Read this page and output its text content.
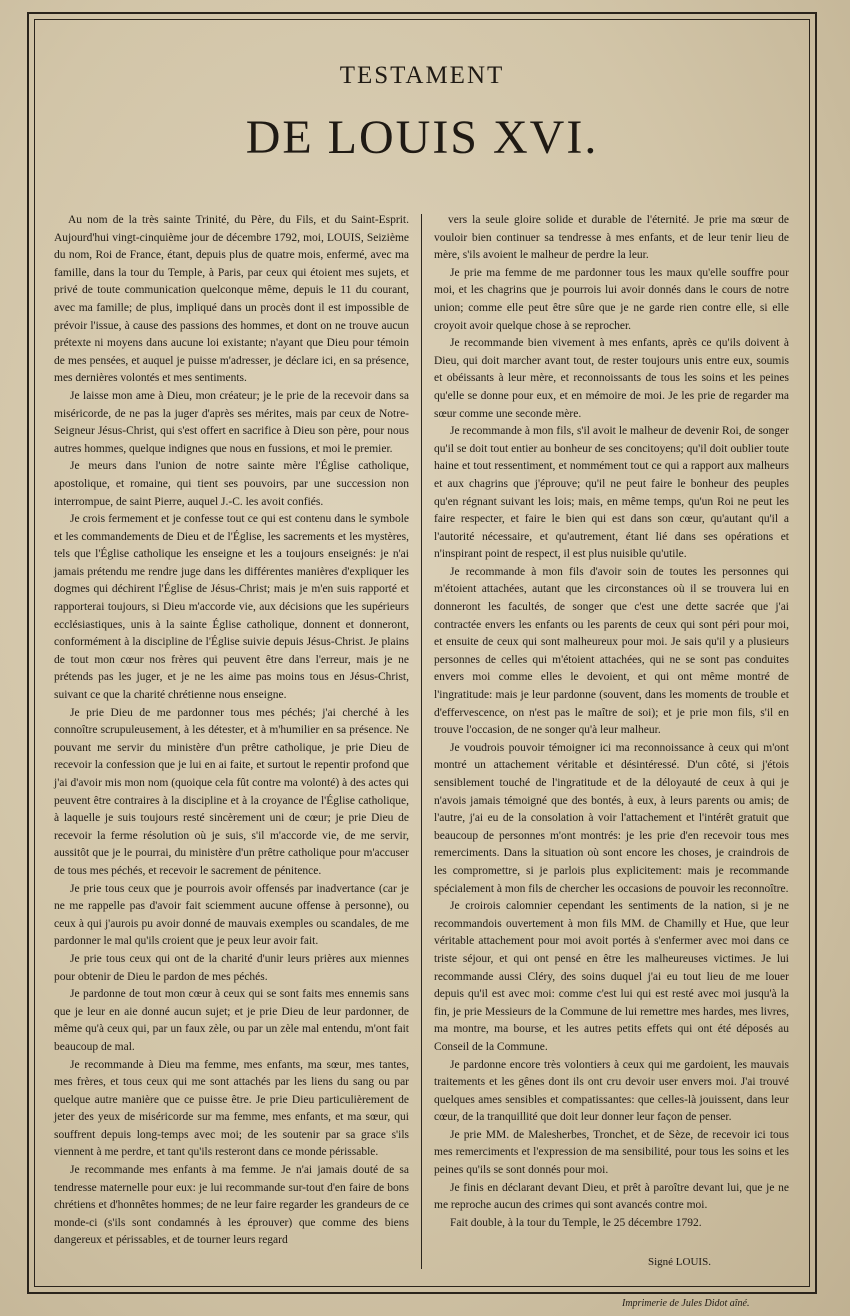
TESTAMENT
DE LOUIS XVI.

Au nom de la très sainte Trinité, du Père, du Fils, et du Saint-Esprit. Aujourd'hui vingt-cinquième jour de décembre 1792, moi, LOUIS, Seizième du nom, Roi de France, étant, depuis plus de quatre mois, enfermé, avec ma famille, dans la tour du Temple, à Paris, par ceux qui étoient mes sujets, et privé de toute communication quelconque même, depuis le 11 du courant, avec ma famille; de plus, impliqué dans un procès dont il est impossible de prévoir l'issue, à cause des passions des hommes, et dont on ne trouve aucun prétexte ni moyens dans aucune loi existante; n'ayant que Dieu pour témoin de mes pensées, et auquel je puisse m'adresser, je déclare ici, en sa présence, mes dernières volontés et mes sentiments.

Je laisse mon ame à Dieu, mon créateur; je le prie de la recevoir dans sa miséricorde, de ne pas la juger d'après ses mérites, mais par ceux de Notre-Seigneur Jésus-Christ, qui s'est offert en sacrifice à Dieu son père, pour nous autres hommes, quelque indignes que nous en fussions, et moi le premier.

Je meurs dans l'union de notre sainte mère l'Église catholique, apostolique, et romaine, qui tient ses pouvoirs, par une succession non interrompue, de saint Pierre, auquel J.-C. les avoit confiés.

Je crois fermement et je confesse tout ce qui est contenu dans le symbole et les commandements de Dieu et de l'Église, les sacrements et les mystères, tels que l'Église catholique les enseigne et les a toujours enseignés: je n'ai jamais prétendu me rendre juge dans les différentes manières d'expliquer les dogmes qui déchirent l'Église de Jésus-Christ; mais je m'en suis rapporté et rapporterai toujours, si Dieu m'accorde vie, aux décisions que les supérieurs ecclésiastiques, unis à la sainte Église catholique, donnent et donneront, conformément à la discipline de l'Église suivie depuis Jésus-Christ. Je plains de tout mon cœur nos frères qui peuvent être dans l'erreur, mais je ne prétends pas les juger, et je ne les aime pas moins tous en Jésus-Christ, suivant ce que la charité chrétienne nous enseigne.

Je prie Dieu de me pardonner tous mes péchés; j'ai cherché à les connoître scrupuleusement, à les détester, et à m'humilier en sa présence. Ne pouvant me servir du ministère d'un prêtre catholique, je prie Dieu de recevoir la confession que je lui en ai faite, et surtout le repentir profond que j'ai d'avoir mis mon nom (quoique cela fût contre ma volonté) à des actes qui peuvent être contraires à la discipline et à la croyance de l'Église catholique, à laquelle je suis toujours resté sincèrement uni de cœur; je prie Dieu de recevoir la ferme résolution où je suis, s'il m'accorde vie, de me servir, aussitôt que je le pourrai, du ministère d'un prêtre catholique pour m'accuser de tous mes péchés, et recevoir le sacrement de pénitence.

Je prie tous ceux que je pourrois avoir offensés par inadvertance (car je ne me rappelle pas d'avoir fait sciemment aucune offense à personne), ou ceux à qui j'aurois pu avoir donné de mauvais exemples ou scandales, de me pardonner le mal qu'ils croient que je peux leur avoir fait.

Je prie tous ceux qui ont de la charité d'unir leurs prières aux miennes pour obtenir de Dieu le pardon de mes péchés.

Je pardonne de tout mon cœur à ceux qui se sont faits mes ennemis sans que je leur en aie donné aucun sujet; et je prie Dieu de leur pardonner, de même qu'à ceux qui, par un faux zèle, ou par un zèle mal entendu, m'ont fait beaucoup de mal.

Je recommande à Dieu ma femme, mes enfants, ma sœur, mes tantes, mes frères, et tous ceux qui me sont attachés par les liens du sang ou par quelque autre manière que ce puisse être. Je prie Dieu particulièrement de jeter des yeux de miséricorde sur ma femme, mes enfants, et ma sœur, qui souffrent depuis long-temps avec moi; de les soutenir par sa grace s'ils viennent à me perdre, et tant qu'ils resteront dans ce monde périssable.

Je recommande mes enfants à ma femme. Je n'ai jamais douté de sa tendresse maternelle pour eux: je lui recommande sur-tout d'en faire de bons chrétiens et d'honnêtes hommes; de ne leur faire regarder les grandeurs de ce monde-ci (s'ils sont condamnés à les éprouver) que comme des biens dangereux et périssables, et de tourner leurs regard

vers la seule gloire solide et durable de l'éternité. Je prie ma sœur de vouloir bien continuer sa tendresse à mes enfants, et de leur tenir lieu de mère, s'ils avoient le malheur de perdre la leur.

Je prie ma femme de me pardonner tous les maux qu'elle souffre pour moi, et les chagrins que je pourrois lui avoir donnés dans le cours de notre union; comme elle peut être sûre que je ne garde rien contre elle, si elle croyoit avoir quelque chose à se reprocher.

Je recommande bien vivement à mes enfants, après ce qu'ils doivent à Dieu, qui doit marcher avant tout, de rester toujours unis entre eux, soumis et obéissants à leur mère, et reconnoissants de tous les soins et les peines qu'elle se donne pour eux, et en mémoire de moi. Je les prie de regarder ma sœur comme une seconde mère.

Je recommande à mon fils, s'il avoit le malheur de devenir Roi, de songer qu'il se doit tout entier au bonheur de ses concitoyens; qu'il doit oublier toute haine et tout ressentiment, et nommément tout ce qui a rapport aux malheurs et aux chagrins que j'éprouve; qu'il ne peut faire le bonheur des peuples qu'en régnant suivant les lois; mais, en même temps, qu'un Roi ne peut les faire respecter, et faire le bien qui est dans son cœur, qu'autant qu'il a l'autorité nécessaire, et qu'autrement, étant lié dans ses opérations et n'inspirant point de respect, il est plus nuisible qu'utile.

Je recommande à mon fils d'avoir soin de toutes les personnes qui m'étoient attachées, autant que les circonstances où il se trouvera lui en donneront les facultés, de songer que c'est une dette sacrée que j'ai contractée envers les enfants ou les parents de ceux qui sont péri pour moi, et ensuite de ceux qui sont malheureux pour moi. Je sais qu'il y a plusieurs personnes de celles qui m'étoient attachées, qui ne se sont pas conduites envers moi comme elles le devoient, et qui ont même montré de l'ingratitude: mais je leur pardonne (souvent, dans les moments de trouble et d'effervescence, on n'est pas le maître de soi); et je prie mon fils, s'il en trouve l'occasion, de ne songer qu'à leur malheur.

Je voudrois pouvoir témoigner ici ma reconnoissance à ceux qui m'ont montré un attachement véritable et désintéressé. D'un côté, si j'étois sensiblement touché de l'ingratitude et de la déloyauté de ceux à qui je n'avois jamais témoigné que des bontés, à eux, à leurs parents ou amis; de l'autre, j'ai eu de la consolation à voir l'attachement et l'intérêt gratuit que beaucoup de personnes m'ont montrés: je les prie d'en recevoir tous mes remerciments. Dans la situation où sont encore les choses, je craindrois de les compromettre, si je parlois plus explicitement: mais je recommande spécialement à mon fils de chercher les occasions de pouvoir les reconnoître.

Je croirois calomnier cependant les sentiments de la nation, si je ne recommandois ouvertement à mon fils MM. de Chamilly et Hue, que leur véritable attachement pour moi avoit portés à s'enfermer avec moi dans ce triste séjour, et qui ont pensé en être les malheureuses victimes. Je lui recommande aussi Cléry, des soins duquel j'ai eu tout lieu de me louer depuis qu'il est avec moi: comme c'est lui qui est resté avec moi jusqu'à la fin, je prie Messieurs de la Commune de lui remettre mes hardes, mes livres, ma montre, ma bourse, et les autres petits effets qui ont été déposés au Conseil de la Commune.

Je pardonne encore très volontiers à ceux qui me gardoient, les mauvais traitements et les gênes dont ils ont cru devoir user envers moi. J'ai trouvé quelques ames sensibles et compatissantes: que celles-là jouissent, dans leur cœur, de la tranquillité que doit leur donner leur façon de penser.

Je prie MM. de Malesherbes, Tronchet, et de Sèze, de recevoir ici tous mes remerciments et l'expression de ma sensibilité, pour tous les soins et les peines qu'ils se sont donnés pour moi.

Je finis en déclarant devant Dieu, et prêt à paroître devant lui, que je ne me reproche aucun des crimes qui sont avancés contre moi.

Fait double, à la tour du Temple, le 25 décembre 1792.

Signé LOUIS.
Imprimerie de Jules Didot aîné.
